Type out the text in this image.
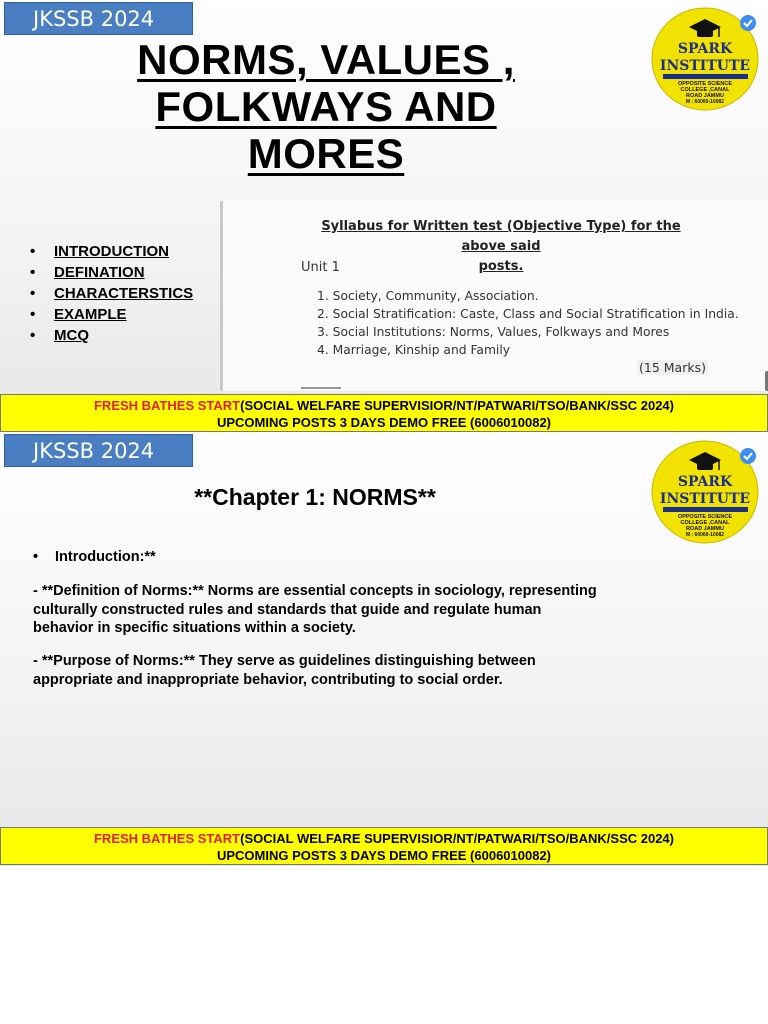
JKSSB 2024
SPARK
INSTITUTE
OPPOSITE SCIENCE
COLLEGE ,CANAL
ROAD JAMMU
M : 60060-10082
NORMS, VALUES ,
FOLKWAYS AND
MORES
• INTRODUCTION
• DEFINATION
• CHARACTERSTICS
• EXAMPLE
• MCQ
Syllabus for Written test (Objective Type) for the above said
posts.
Unit 1
1. Society, Community, Association.
2. Social Stratification: Caste, Class and Social Stratification in India.
3. Social Institutions: Norms, Values, Folkways and Mores
4. Marriage, Kinship and Family
(15 Marks)
FRESH BATHES START(SOCIAL WELFARE SUPERVISIOR/NT/PATWARI/TSO/BANK/SSC 2024)
UPCOMING POSTS 3 DAYS DEMO FREE (6006010082)
JKSSB 2024
SPARK
INSTITUTE
OPPOSITE SCIENCE
COLLEGE ,CANAL
ROAD JAMMU
M : 60060-10082
**Chapter 1: NORMS**
• Introduction:**

- **Definition of Norms:** Norms are essential concepts in sociology, representing culturally constructed rules and standards that guide and regulate human behavior in specific situations within a society.

- **Purpose of Norms:** They serve as guidelines distinguishing between appropriate and inappropriate behavior, contributing to social order.

FRESH BATHES START(SOCIAL WELFARE SUPERVISIOR/NT/PATWARI/TSO/BANK/SSC 2024)
UPCOMING POSTS 3 DAYS DEMO FREE (6006010082)
